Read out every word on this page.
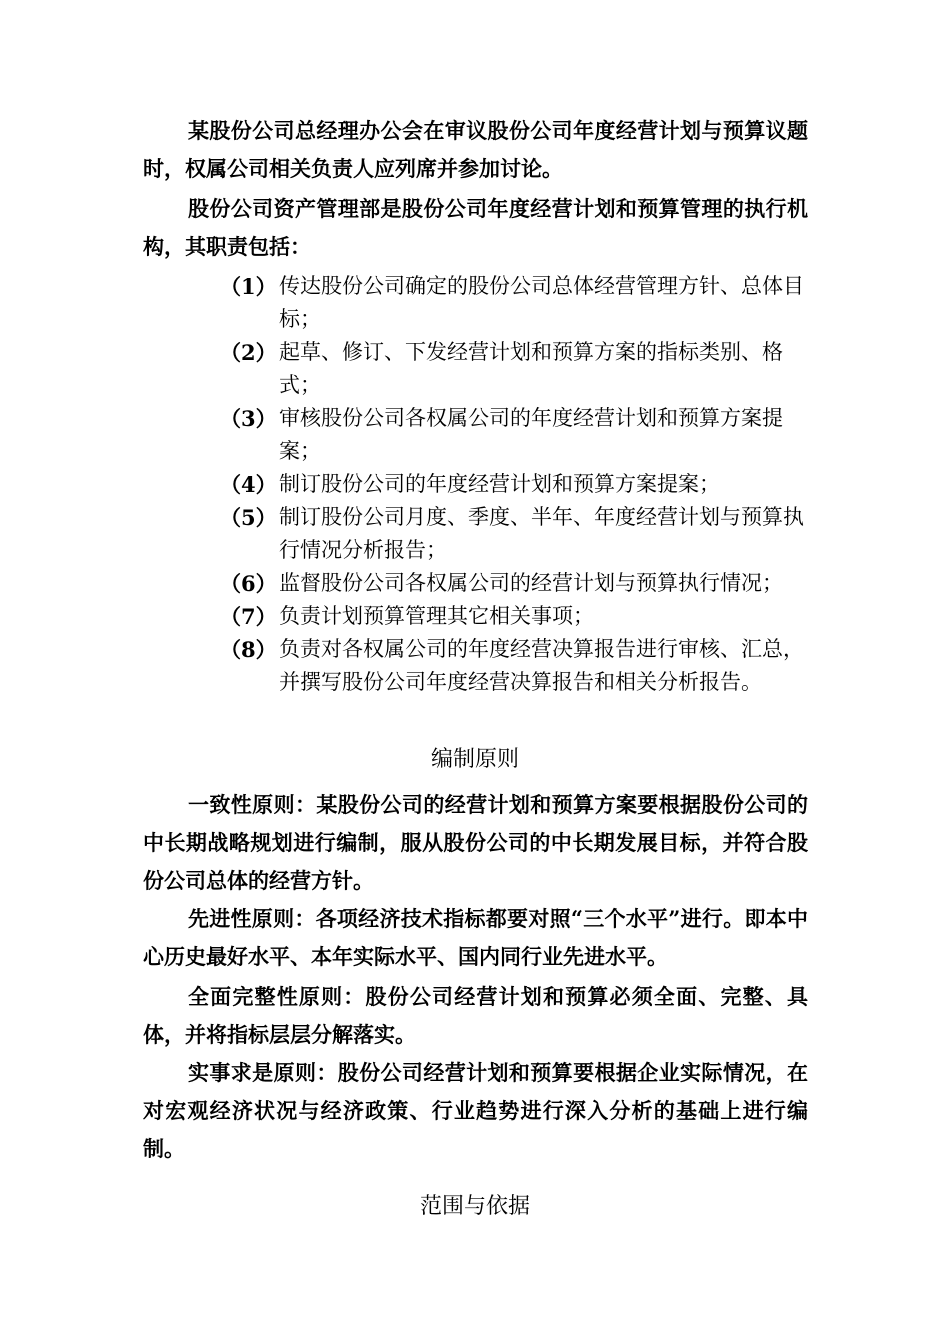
某股份公司总经理办公会在审议股份公司年度经营计划与预算议题时，权属公司相关负责人应列席并参加讨论。

股份公司资产管理部是股份公司年度经营计划和预算管理的执行机构，其职责包括：

（1） 传达股份公司确定的股份公司总体经营管理方针、总体目标；
（2） 起草、修订、下发经营计划和预算方案的指标类别、格式；
（3） 审核股份公司各权属公司的年度经营计划和预算方案提案；
（4） 制订股份公司的年度经营计划和预算方案提案；
（5） 制订股份公司月度、季度、半年、年度经营计划与预算执行情况分析报告；
（6） 监督股份公司各权属公司的经营计划与预算执行情况；
（7） 负责计划预算管理其它相关事项；
（8） 负责对各权属公司的年度经营决算报告进行审核、汇总，并撰写股份公司年度经营决算报告和相关分析报告。
编制原则

一致性原则：某股份公司的经营计划和预算方案要根据股份公司的中长期战略规划进行编制，服从股份公司的中长期发展目标，并符合股份公司总体的经营方针。

先进性原则：各项经济技术指标都要对照“三个水平”进行。即本中心历史最好水平、本年实际水平、国内同行业先进水平。

全面完整性原则：股份公司经营计划和预算必须全面、完整、具体，并将指标层层分解落实。

实事求是原则：股份公司经营计划和预算要根据企业实际情况，在对宏观经济状况与经济政策、行业趋势进行深入分析的基础上进行编制。

范围与依据
